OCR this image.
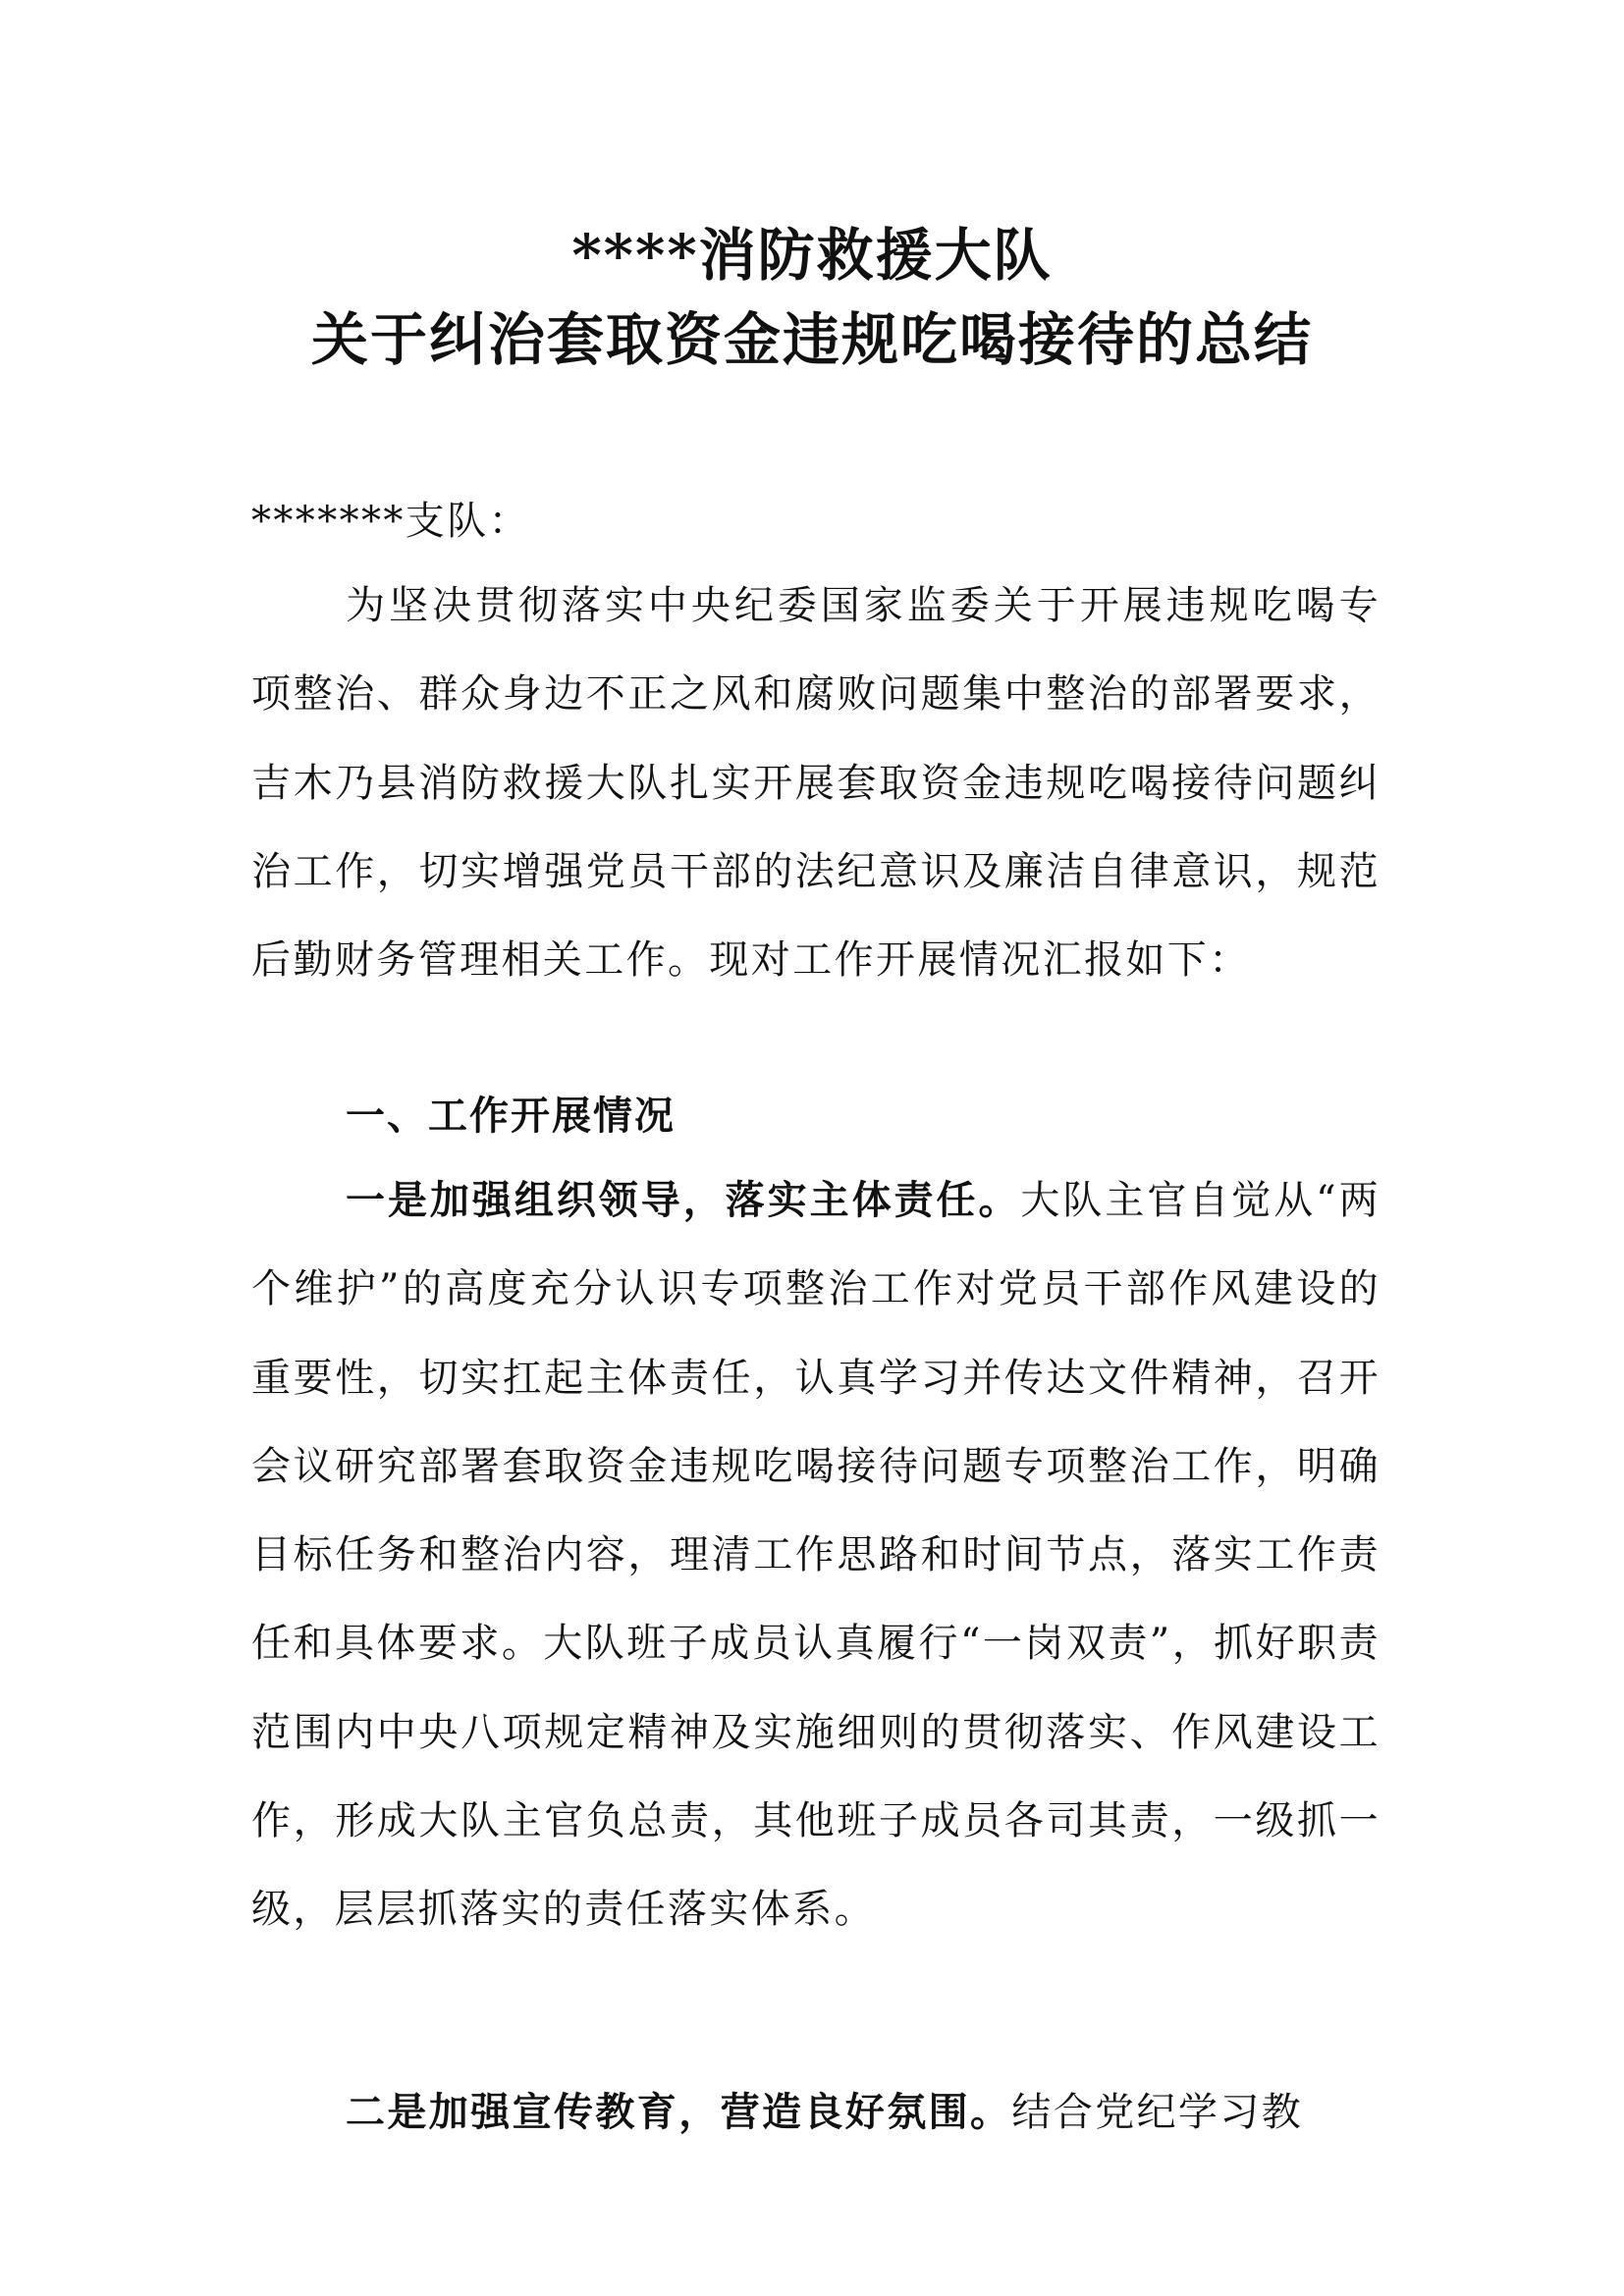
****消防救援大队
关于纠治套取资金违规吃喝接待的总结
*******支队：
为坚决贯彻落实中央纪委国家监委关于开展违规吃喝专项整治、群众身边不正之风和腐败问题集中整治的部署要求，吉木乃县消防救援大队扎实开展套取资金违规吃喝接待问题纠治工作，切实增强党员干部的法纪意识及廉洁自律意识，规范后勤财务管理相关工作。现对工作开展情况汇报如下：
一、工作开展情况
一是加强组织领导，落实主体责任。大队主官自觉从“两个维护”的高度充分认识专项整治工作对党员干部作风建设的重要性，切实扛起主体责任，认真学习并传达文件精神，召开会议研究部署套取资金违规吃喝接待问题专项整治工作，明确目标任务和整治内容，理清工作思路和时间节点，落实工作责任和具体要求。大队班子成员认真履行“一岗双责”，抓好职责范围内中央八项规定精神及实施细则的贯彻落实、作风建设工作，形成大队主官负总责，其他班子成员各司其责，一级抓一级，层层抓落实的责任落实体系。
二是加强宣传教育，营造良好氛围。结合党纪学习教
